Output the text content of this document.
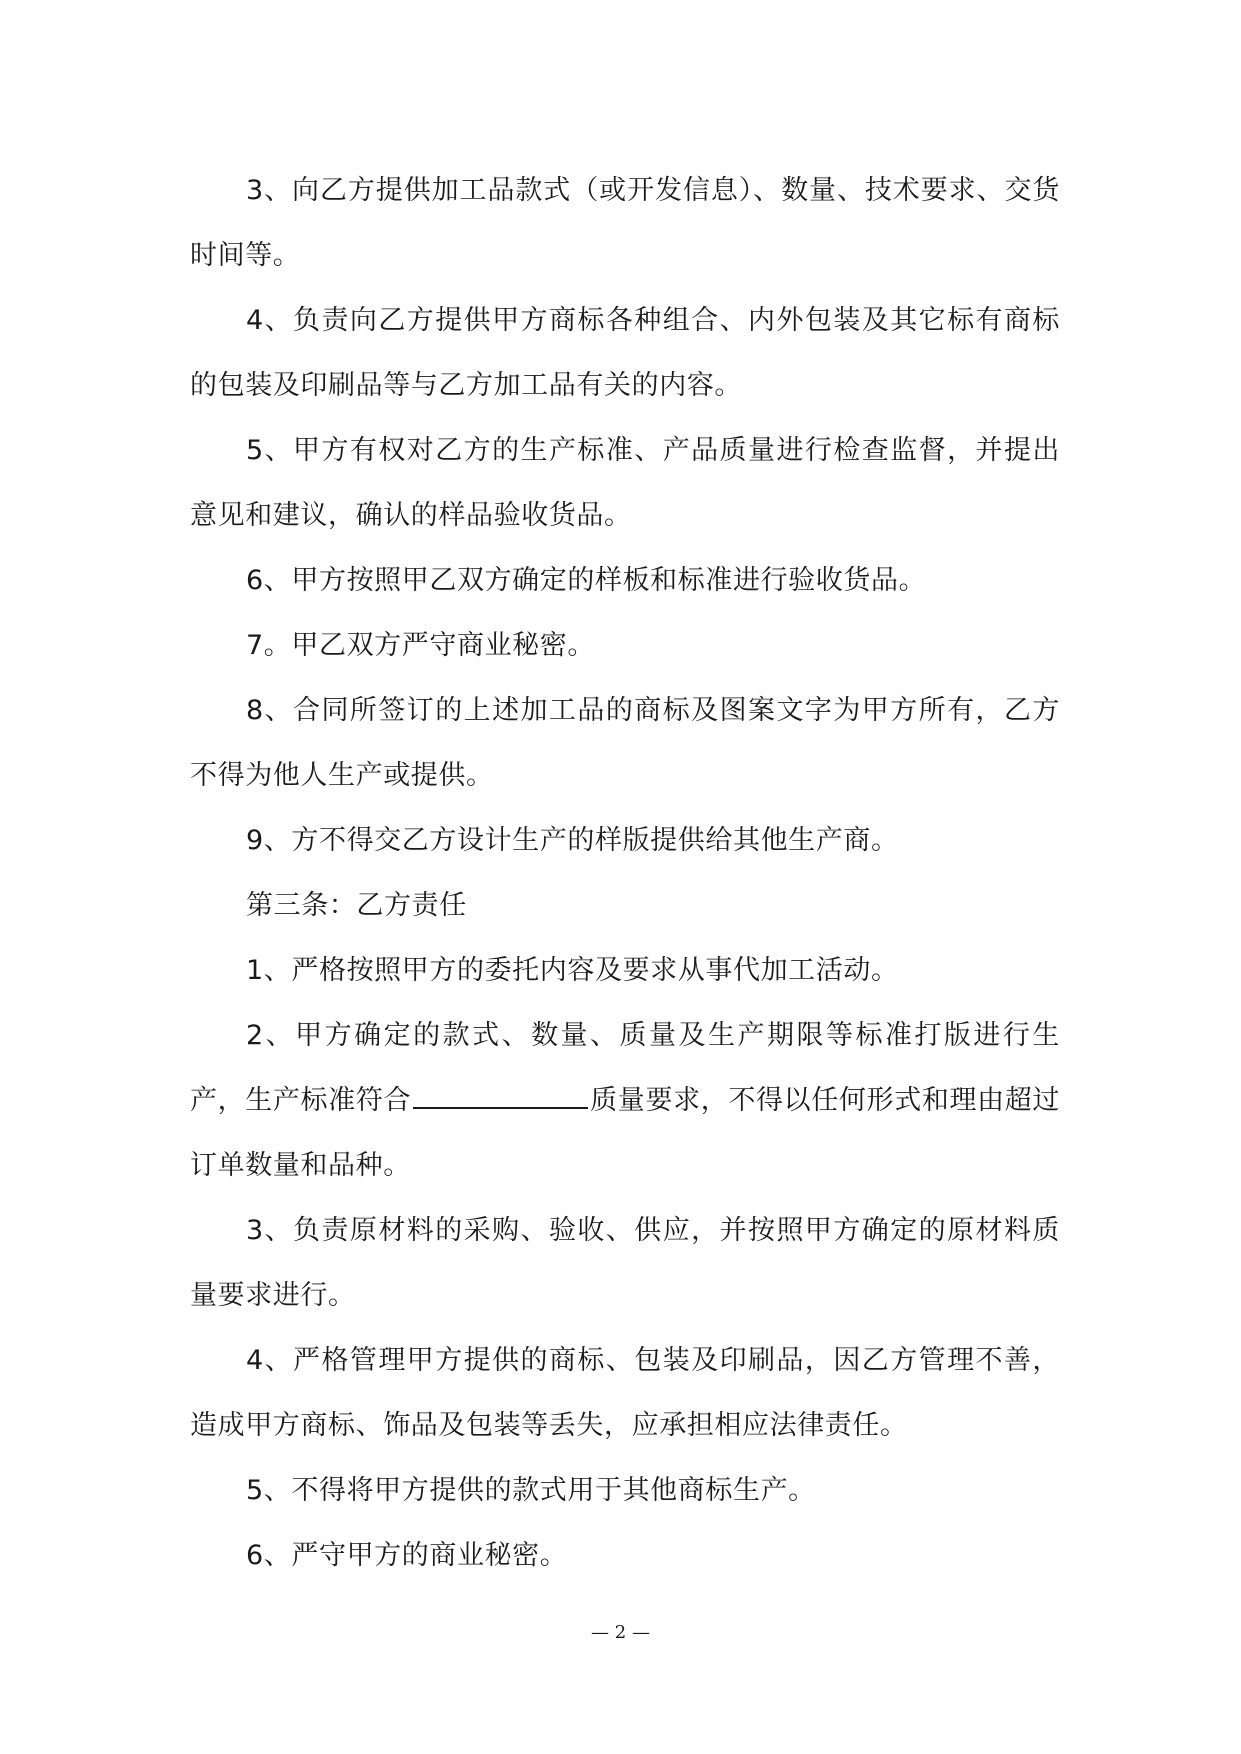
3、向乙方提供加工品款式（或开发信息）、数量、技术要求、交货时间等。

4、负责向乙方提供甲方商标各种组合、内外包装及其它标有商标的包装及印刷品等与乙方加工品有关的内容。

5、甲方有权对乙方的生产标准、产品质量进行检查监督，并提出意见和建议，确认的样品验收货品。

6、甲方按照甲乙双方确定的样板和标准进行验收货品。

7。甲乙双方严守商业秘密。

8、合同所签订的上述加工品的商标及图案文字为甲方所有，乙方不得为他人生产或提供。

9、方不得交乙方设计生产的样版提供给其他生产商。

第三条：乙方责任

1、严格按照甲方的委托内容及要求从事代加工活动。

2、甲方确定的款式、数量、质量及生产期限等标准打版进行生产，生产标准符合	质量要求，不得以任何形式和理由超过订单数量和品种。

3、负责原材料的采购、验收、供应，并按照甲方确定的原材料质量要求进行。

4、严格管理甲方提供的商标、包装及印刷品，因乙方管理不善，造成甲方商标、饰品及包装等丢失，应承担相应法律责任。

5、不得将甲方提供的款式用于其他商标生产。

6、严守甲方的商业秘密。

— 2 —
